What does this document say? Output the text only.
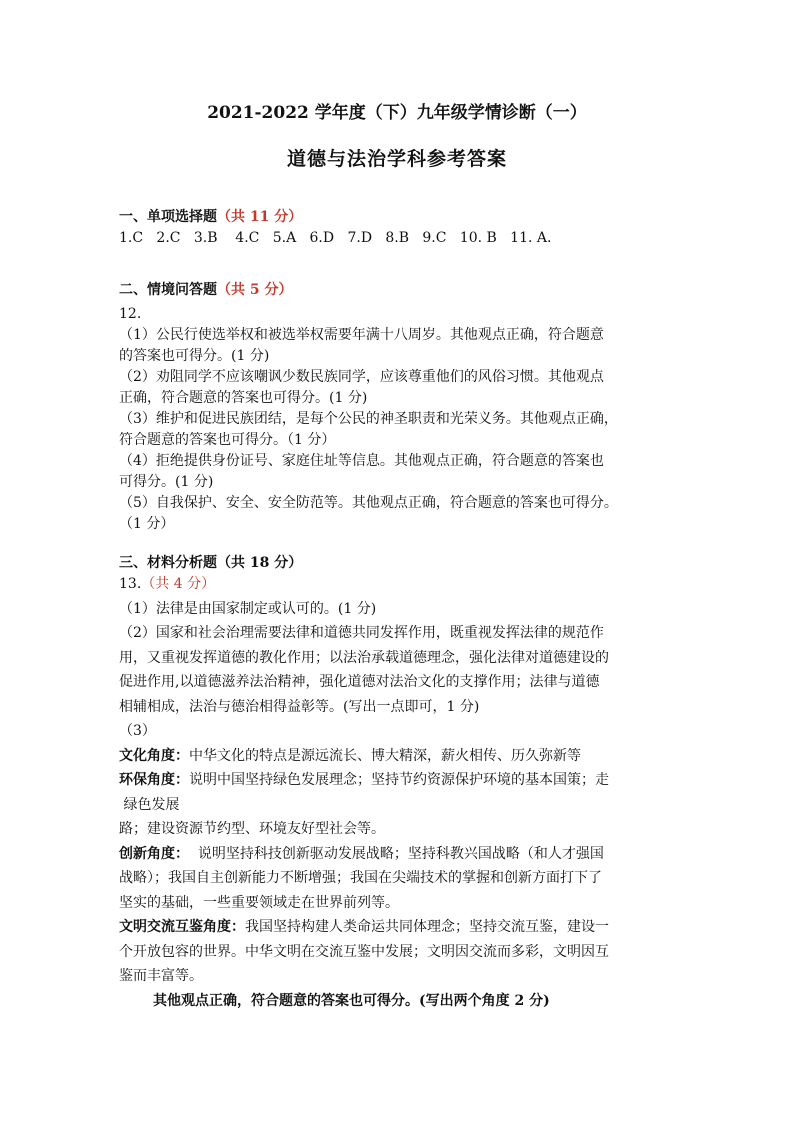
2021-2022 学年度（下）九年级学情诊断（一）
道德与法治学科参考答案
一、单项选择题（共 11 分）
1.C   2.C   3.B    4.C   5.A   6.D   7.D   8.B   9.C   10. B   11. A.
二、情境问答题（共 5 分）
12.
（1）公民行使选举权和被选举权需要年满十八周岁。其他观点正确，符合题意
的答案也可得分。(1 分)
（2）劝阻同学不应该嘲讽少数民族同学，应该尊重他们的风俗习惯。其他观点
正确，符合题意的答案也可得分。(1 分)
（3）维护和促进民族团结，是每个公民的神圣职责和光荣义务。其他观点正确，
符合题意的答案也可得分。（1 分）
（4）拒绝提供身份证号、家庭住址等信息。其他观点正确，符合题意的答案也
可得分。(1 分)
（5）自我保护、安全、安全防范等。其他观点正确，符合题意的答案也可得分。
（1 分）
三、材料分析题（共 18 分）
13.（共 4 分）
（1）法律是由国家制定或认可的。(1 分)
（2）国家和社会治理需要法律和道德共同发挥作用，既重视发挥法律的规范作
用，又重视发挥道德的教化作用；以法治承载道德理念，强化法律对道德建设的
促进作用,以道德滋养法治精神，强化道德对法治文化的支撑作用；法律与道德
相辅相成，法治与德治相得益彰等。(写出一点即可，1 分)
（3）
文化角度：中华文化的特点是源远流长、博大精深，薪火相传、历久弥新等
环保角度：说明中国坚持绿色发展理念；坚持节约资源保护环境的基本国策；走
绿色发展
路；建设资源节约型、环境友好型社会等。
创新角度：  说明坚持科技创新驱动发展战略；坚持科教兴国战略（和人才强国
战略）；我国自主创新能力不断增强；我国在尖端技术的掌握和创新方面打下了
坚实的基础，一些重要领域走在世界前列等。
文明交流互鉴角度：我国坚持构建人类命运共同体理念；坚持交流互鉴，建设一
个开放包容的世界。中华文明在交流互鉴中发展；文明因交流而多彩，文明因互
鉴而丰富等。
其他观点正确，符合题意的答案也可得分。(写出两个角度 2 分)
